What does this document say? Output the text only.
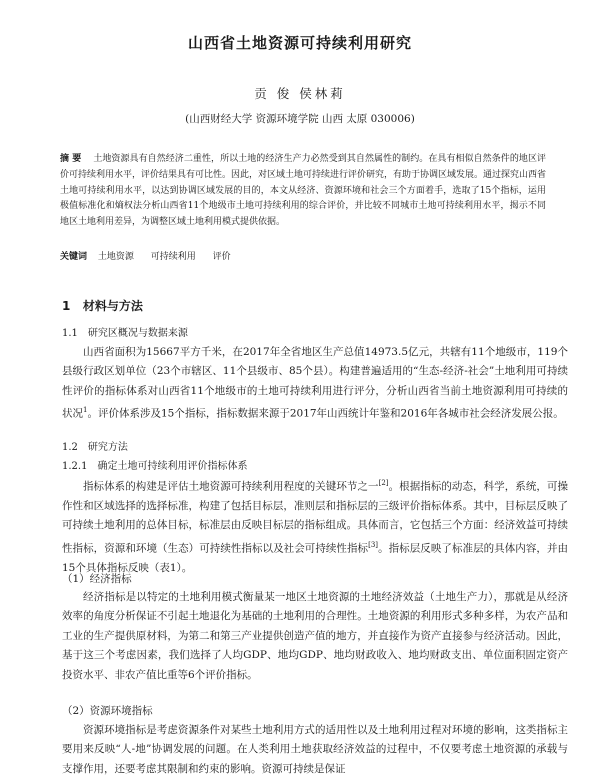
山西省土地资源可持续利用研究
贡 俊 侯林莉
(山西财经大学 资源环境学院 山西 太原 030006)
摘 要 土地资源具有自然经济二重性，所以土地的经济生产力必然受到其自然属性的制约。在具有相似自然条件的地区评价可持续利用水平，评价结果具有可比性。因此，对区域土地可持续进行评价研究，有助于协调区域发展。通过探究山西省土地可持续利用水平，以达到协调区域发展的目的，本文从经济、资源环境和社会三个方面着手，选取了15个指标，运用极值标准化和熵权法分析山西省11个地级市土地可持续利用的综合评价，并比较不同城市土地可持续利用水平，揭示不同地区土地利用差异，为调整区域土地利用模式提供依据。
关键词 土地资源 可持续利用 评价
1 材料与方法
1.1 研究区概况与数据来源
山西省面积为15667平方千米，在2017年全省地区生产总值14973.5亿元，共辖有11个地级市，119个县级行政区划单位（23个市辖区、11个县级市、85个县）。构建普遍适用的“生态-经济-社会”土地利用可持续性评价的指标体系对山西省11个地级市的土地可持续利用进行评分，分析山西省当前土地资源利用可持续的状况$^1$。评价体系涉及15个指标，指标数据来源于2017年山西统计年鉴和2016年各城市社会经济发展公报。
1.2 研究方法
1.2.1 确定土地可持续利用评价指标体系
指标体系的构建是评估土地资源可持续利用程度的关键环节之一[2]。根据指标的动态，科学，系统，可操作性和区域选择的选择标准，构建了包括目标层，准则层和指标层的三级评价指标体系。其中，目标层反映了可持续土地利用的总体目标，标准层由反映目标层的指标组成。具体而言，它包括三个方面：经济效益可持续性指标，资源和环境（生态）可持续性指标以及社会可持续性指标[3]。指标层反映了标准层的具体内容，并由15个具体指标反映（表1）。
（1）经济指标
经济指标是以特定的土地利用模式衡量某一地区土地资源的土地经济效益（土地生产力），那就是从经济效率的角度分析保证不引起土地退化为基础的土地利用的合理性。土地资源的利用形式多种多样，为农产品和工业的生产提供原材料，为第二和第三产业提供创造产值的地方，并直接作为资产直接参与经济活动。因此，基于这三个考虑因素，我们选择了人均GDP、地均GDP、地均财政收入、地均财政支出、单位面积固定资产投资水平、非农产值比重等6个评价指标。
（2）资源环境指标
资源环境指标是考虑资源条件对某些土地利用方式的适用性以及土地利用过程对环境的影响，这类指标主要用来反映“人-地”协调发展的问题。在人类利用土地获取经济效益的过程中，不仅要考虑土地资源的承载与支撑作用，还要考虑其限制和约束的影响。资源可持续是保证
